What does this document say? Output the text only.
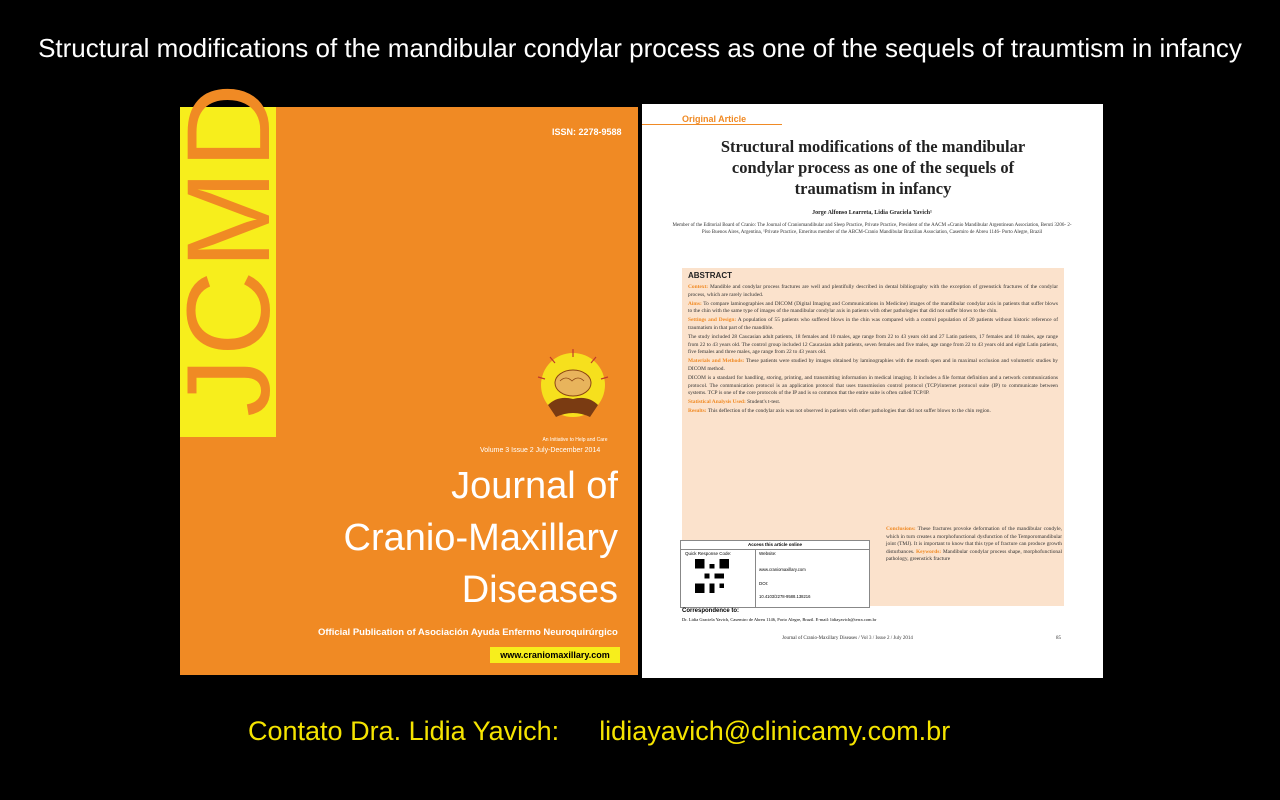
Structural modifications of the mandibular condylar process as one of the sequels of traumtism in infancy
JCMD	ISSN: 2278-9588
An Initiative to Help and Care
Volume 3 Issue 2 July-December 2014
Journal of
Cranio-Maxillary
Diseases
Official Publication of Asociación Ayuda Enfermo Neuroquirúrgico
www.craniomaxillary.com
Original Article
Structural modifications of the mandibular condylar process as one of the sequels of traumatism in infancy
Jorge Alfonso Learreta, Lidia Graciela Yavich¹
Member of the Editorial Board of Cranio: The Journal of Craniomandibular and Sleep Practice, Private Practice, President of the AACM «Cranio Mandibular Argentinean Association, Beruti 3206- 2-Piso Buenos Aires, Argentina, ¹Private Practice, Emeritus member of the ABCM-Cranio Mandibular Brazilian Association, Casemiro de Abreu 1146- Porto Alegre, Brazil
ABSTRACT

Context: Mandible and condylar process fractures are well and plentifully described in dental bibliography with the exception of greenstick fractures of the condylar process, which are rarely included.

Aims: To compare laminographies and DICOM (Digital Imaging and Communications in Medicine) images of the mandibular condylar axis in patients that suffer blows to the chin with the same type of images of the mandibular condylar axis in patients with other pathologies that did not suffer blows to the chin.

Settings and Design: A population of 55 patients who suffered blows in the chin was compared with a control population of 20 patients without historic reference of traumatism in that part of the mandible.

The study included 28 Caucasian adult patients, 18 females and 10 males, age range from 22 to 43 years old and 27 Latin patients, 17 females and 10 males, age range from 22 to 43 years old. The control group included 12 Caucasian adult patients, seven females and five males, age range from 22 to 43 years old and eight Latin patients, five females and three males, age range from 22 to 43 years old.

Materials and Methods: These patients were studied by images obtained by laminographies with the mouth open and in maximal occlusion and volumetric studies by DICOM method.

DICOM is a standard for handling, storing, printing, and transmitting information in medical imaging. It includes a file format definition and a network communications protocol. The communication protocol is an application protocol that uses transmission control protocol (TCP)/internet protocol suite (IP) to communicate between systems. TCP is one of the core protocols of the IP and is so common that the entire suite is often called TCP/IP.

Statistical Analysis Used: Student's t-test.

Results: This deflection of the condylar axis was not observed in patients with other pathologies that did not suffer blows to the chin region.

Access this article online
Quick Response Code:	Website:
www.craniomaxillary.com
DOI:
10.4103/2278-9588.138216
Conclusions: These fractures provoke deformation of the mandibular condyle, which in turn creates a morphofunctional dysfunction of the Temporomandibular joint (TMJ). It is important to know that this type of fracture can produce growth disturbances. Keywords: Mandibular condylar process shape, morphofunctional pathology, greenstick fracture
Correspondence to:
Dr. Lidia Graciela Yavich, Casemiro de Abreu 1146, Porto Alegre, Brazil. E-mail: lidiayavich@terra.com.br
Journal of Cranio-Maxillary Diseases / Vol 3 / Issue 2 / July 2014	85
Contato Dra. Lidia Yavich: lidiayavich@clinicamy.com.br
